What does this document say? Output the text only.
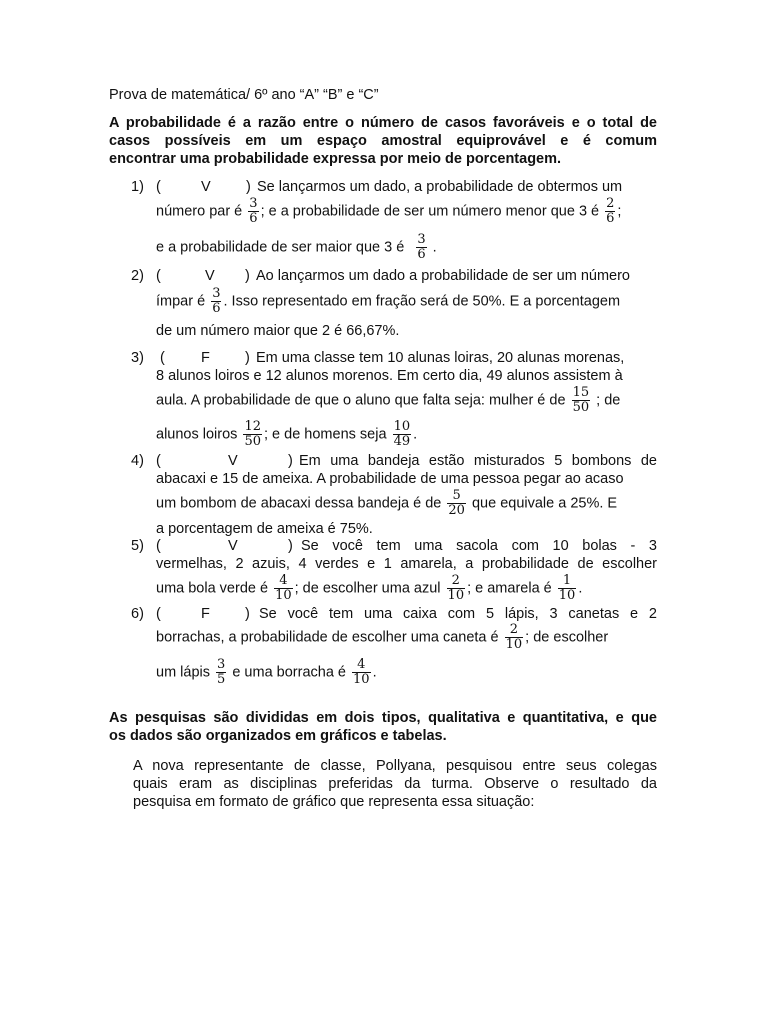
Prova de matemática/ 6º ano “A” “B” e “C”
A probabilidade é a razão entre o número de casos favoráveis e o total de
casos possíveis em um espaço amostral equiprovável e é comum
encontrar uma probabilidade expressa por meio de porcentagem.
1) (	V ) Se lançarmos um dado, a probabilidade de obtermos um
número par é $\frac{3}{6}$ ; e a probabilidade de ser um número menor que 3 é $\frac{2}{6}$ ;
e a probabilidade de ser maior que 3 é $\frac{3}{6}$ .
2) (	V ) Ao lançarmos um dado a probabilidade de ser um número
ímpar é $\frac{3}{6}$ . Isso representado em fração será de 50%. E a porcentagem
de um número maior que 2 é 66,67%.
3) ( F ) Em uma classe tem 10 alunas loiras, 20 alunas morenas,
8 alunos loiros e 12 alunos morenos. Em certo dia, 49 alunos assistem à
aula. A probabilidade de que o aluno que falta seja: mulher é de $\frac{15}{50}$ ; de
alunos loiros $\frac{12}{50}$ ; e de homens seja $\frac{10}{49}$ .
4) (	V	) Em uma bandeja estão misturados 5 bombons de
abacaxi e 15 de ameixa. A probabilidade de uma pessoa pegar ao acaso
um bombom de abacaxi dessa bandeja é de $\frac{5}{20}$ que equivale a 25%. E
a porcentagem de ameixa é 75%.
5) (	V	) Se você tem uma sacola com 10 bolas - 3
vermelhas, 2 azuis, 4 verdes e 1 amarela, a probabilidade de escolher
uma bola verde é $\frac{4}{10}$ ; de escolher uma azul $\frac{2}{10}$ ; e amarela é $\frac{1}{10}$ .
6) (	F ) Se você tem uma caixa com 5 lápis, 3 canetas e 2
borrachas, a probabilidade de escolher uma caneta é $\frac{2}{10}$ ; de escolher
um lápis $\frac{3}{5}$ e uma borracha é $\frac{4}{10}$ .
As pesquisas são divididas em dois tipos, qualitativa e quantitativa, e que
os dados são organizados em gráficos e tabelas.
A nova representante de classe, Pollyana, pesquisou entre seus colegas
quais eram as disciplinas preferidas da turma. Observe o resultado da
pesquisa em formato de gráfico que representa essa situação:
